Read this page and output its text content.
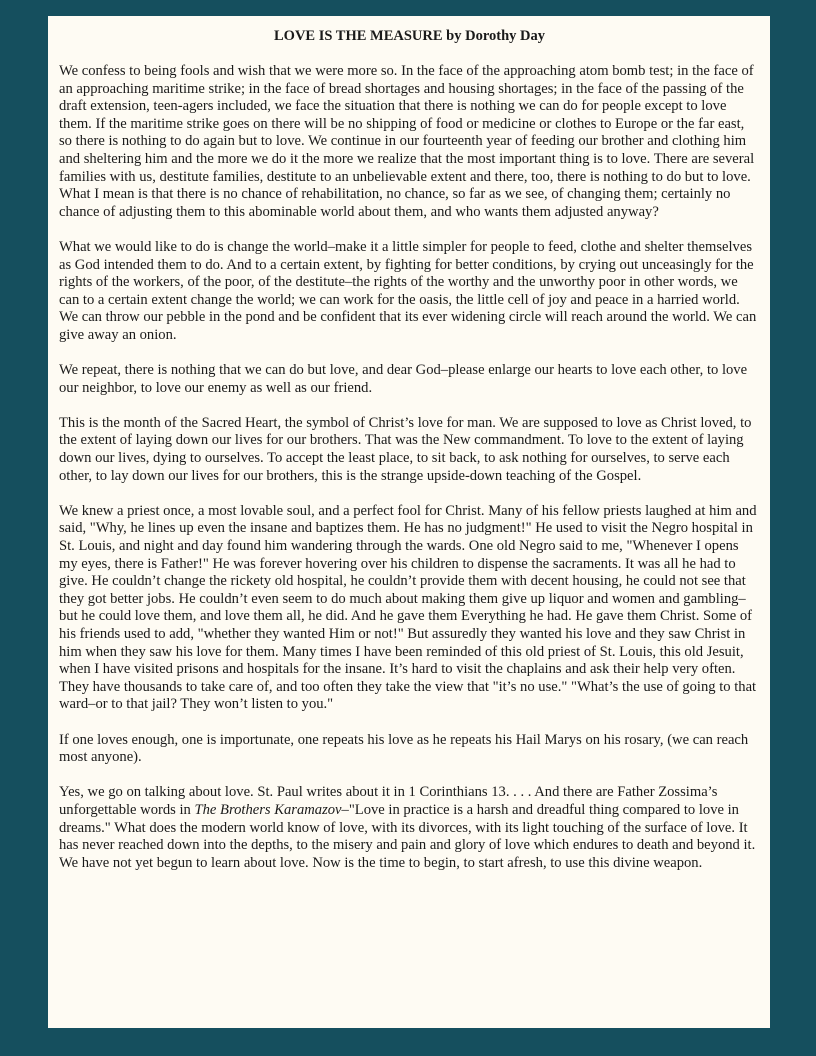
LOVE IS THE MEASURE by Dorothy Day

We confess to being fools and wish that we were more so. In the face of the approaching atom bomb test; in the face of an approaching maritime strike; in the face of bread shortages and housing shortages; in the face of the passing of the draft extension, teen-agers included, we face the situation that there is nothing we can do for people except to love them. If the maritime strike goes on there will be no shipping of food or medicine or clothes to Europe or the far east, so there is nothing to do again but to love. We continue in our fourteenth year of feeding our brother and clothing him and sheltering him and the more we do it the more we realize that the most important thing is to love. There are several families with us, destitute families, destitute to an unbelievable extent and there, too, there is nothing to do but to love. What I mean is that there is no chance of rehabilitation, no chance, so far as we see, of changing them; certainly no chance of adjusting them to this abominable world about them, and who wants them adjusted anyway?

What we would like to do is change the world–make it a little simpler for people to feed, clothe and shelter themselves as God intended them to do. And to a certain extent, by fighting for better conditions, by crying out unceasingly for the rights of the workers, of the poor, of the destitute–the rights of the worthy and the unworthy poor in other words, we can to a certain extent change the world; we can work for the oasis, the little cell of joy and peace in a harried world. We can throw our pebble in the pond and be confident that its ever widening circle will reach around the world. We can give away an onion.

We repeat, there is nothing that we can do but love, and dear God–please enlarge our hearts to love each other, to love our neighbor, to love our enemy as well as our friend.

This is the month of the Sacred Heart, the symbol of Christ’s love for man. We are supposed to love as Christ loved, to the extent of laying down our lives for our brothers. That was the New commandment. To love to the extent of laying down our lives, dying to ourselves. To accept the least place, to sit back, to ask nothing for ourselves, to serve each other, to lay down our lives for our brothers, this is the strange upside-down teaching of the Gospel.

We knew a priest once, a most lovable soul, and a perfect fool for Christ. Many of his fellow priests laughed at him and said, "Why, he lines up even the insane and baptizes them. He has no judgment!" He used to visit the Negro hospital in St. Louis, and night and day found him wandering through the wards. One old Negro said to me, "Whenever I opens my eyes, there is Father!" He was forever hovering over his children to dispense the sacraments. It was all he had to give. He couldn’t change the rickety old hospital, he couldn’t provide them with decent housing, he could not see that they got better jobs. He couldn’t even seem to do much about making them give up liquor and women and gambling–but he could love them, and love them all, he did. And he gave them Everything he had. He gave them Christ. Some of his friends used to add, "whether they wanted Him or not!" But assuredly they wanted his love and they saw Christ in him when they saw his love for them. Many times I have been reminded of this old priest of St. Louis, this old Jesuit, when I have visited prisons and hospitals for the insane. It’s hard to visit the chaplains and ask their help very often. They have thousands to take care of, and too often they take the view that "it’s no use." "What’s the use of going to that ward–or to that jail? They won’t listen to you."

If one loves enough, one is importunate, one repeats his love as he repeats his Hail Marys on his rosary, (we can reach most anyone).

Yes, we go on talking about love. St. Paul writes about it in 1 Corinthians 13. . . . And there are Father Zossima’s unforgettable words in The Brothers Karamazov–"Love in practice is a harsh and dreadful thing compared to love in dreams." What does the modern world know of love, with its divorces, with its light touching of the surface of love. It has never reached down into the depths, to the misery and pain and glory of love which endures to death and beyond it. We have not yet begun to learn about love. Now is the time to begin, to start afresh, to use this divine weapon.
